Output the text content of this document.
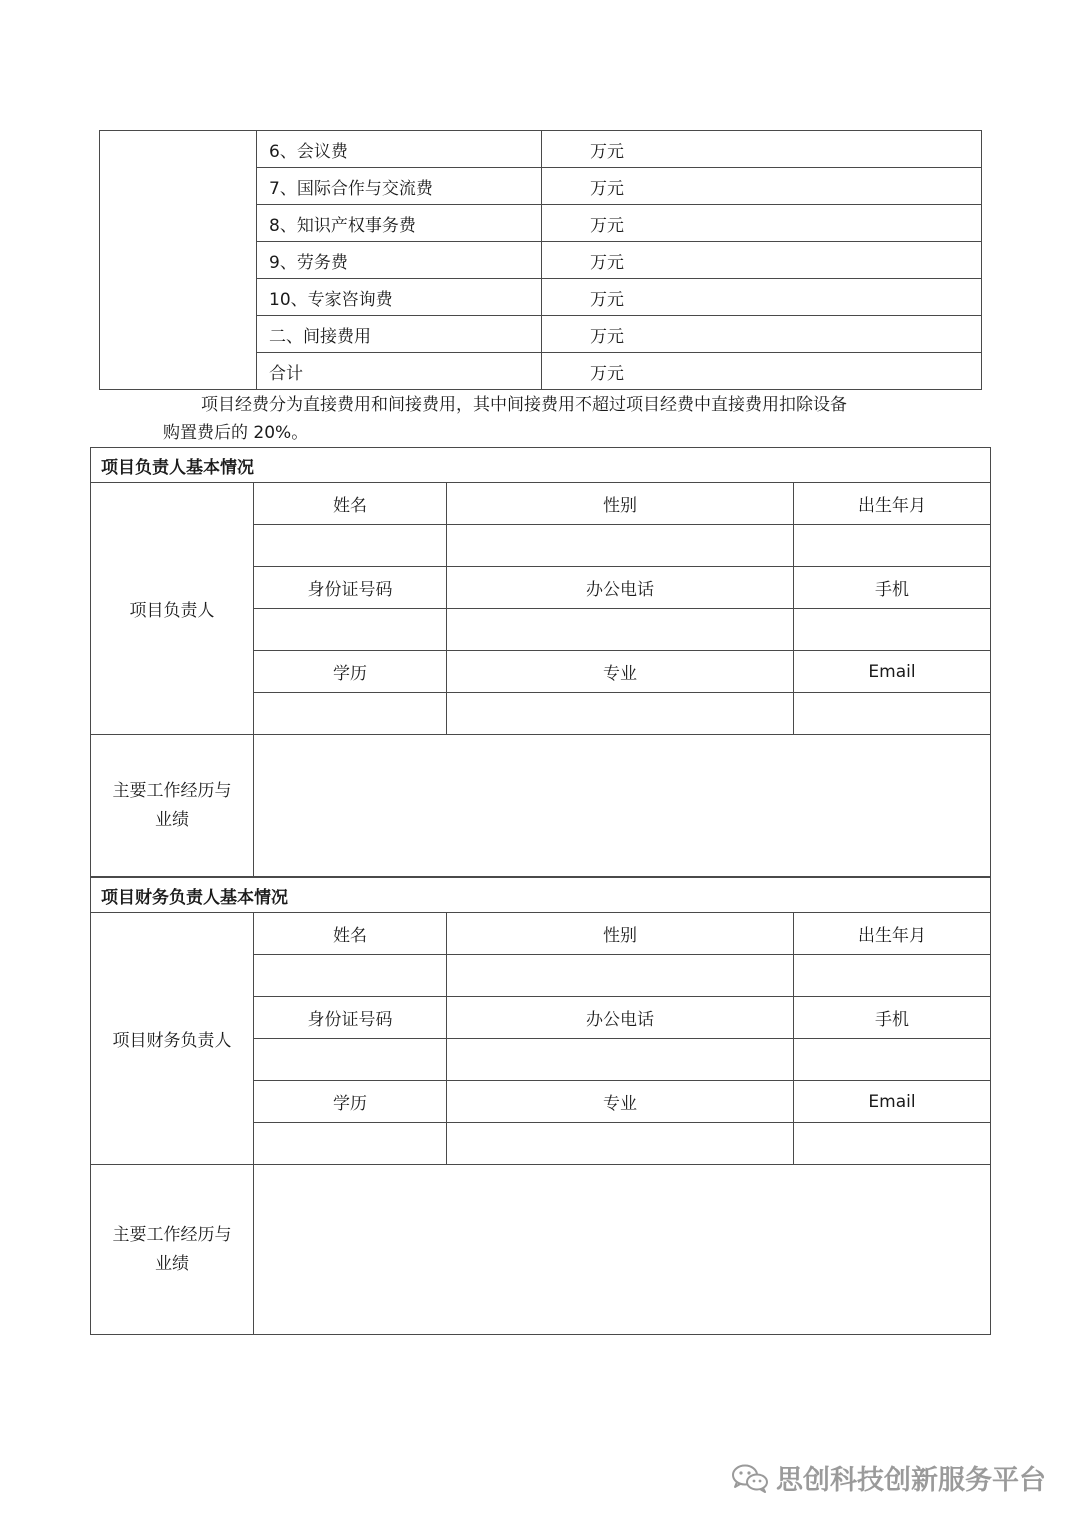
	6、会议费	万元
	7、国际合作与交流费	万元
	8、知识产权事务费	万元
	9、劳务费	万元
	10、专家咨询费	万元
	二、间接费用	万元
	合计	万元
项目经费分为直接费用和间接费用，其中间接费用不超过项目经费中直接费用扣除设备
购置费后的 20%。
项目负责人基本情况			
项目负责人	姓名	性别	出生年月

	身份证号码	办公电话	手机

	学历	专业	Email

主要工作经历与
业绩			
项目财务负责人基本情况			
项目财务负责人	姓名	性别	出生年月

	身份证号码	办公电话	手机

	学历	专业	Email

主要工作经历与
业绩			
思创科技创新服务平台
